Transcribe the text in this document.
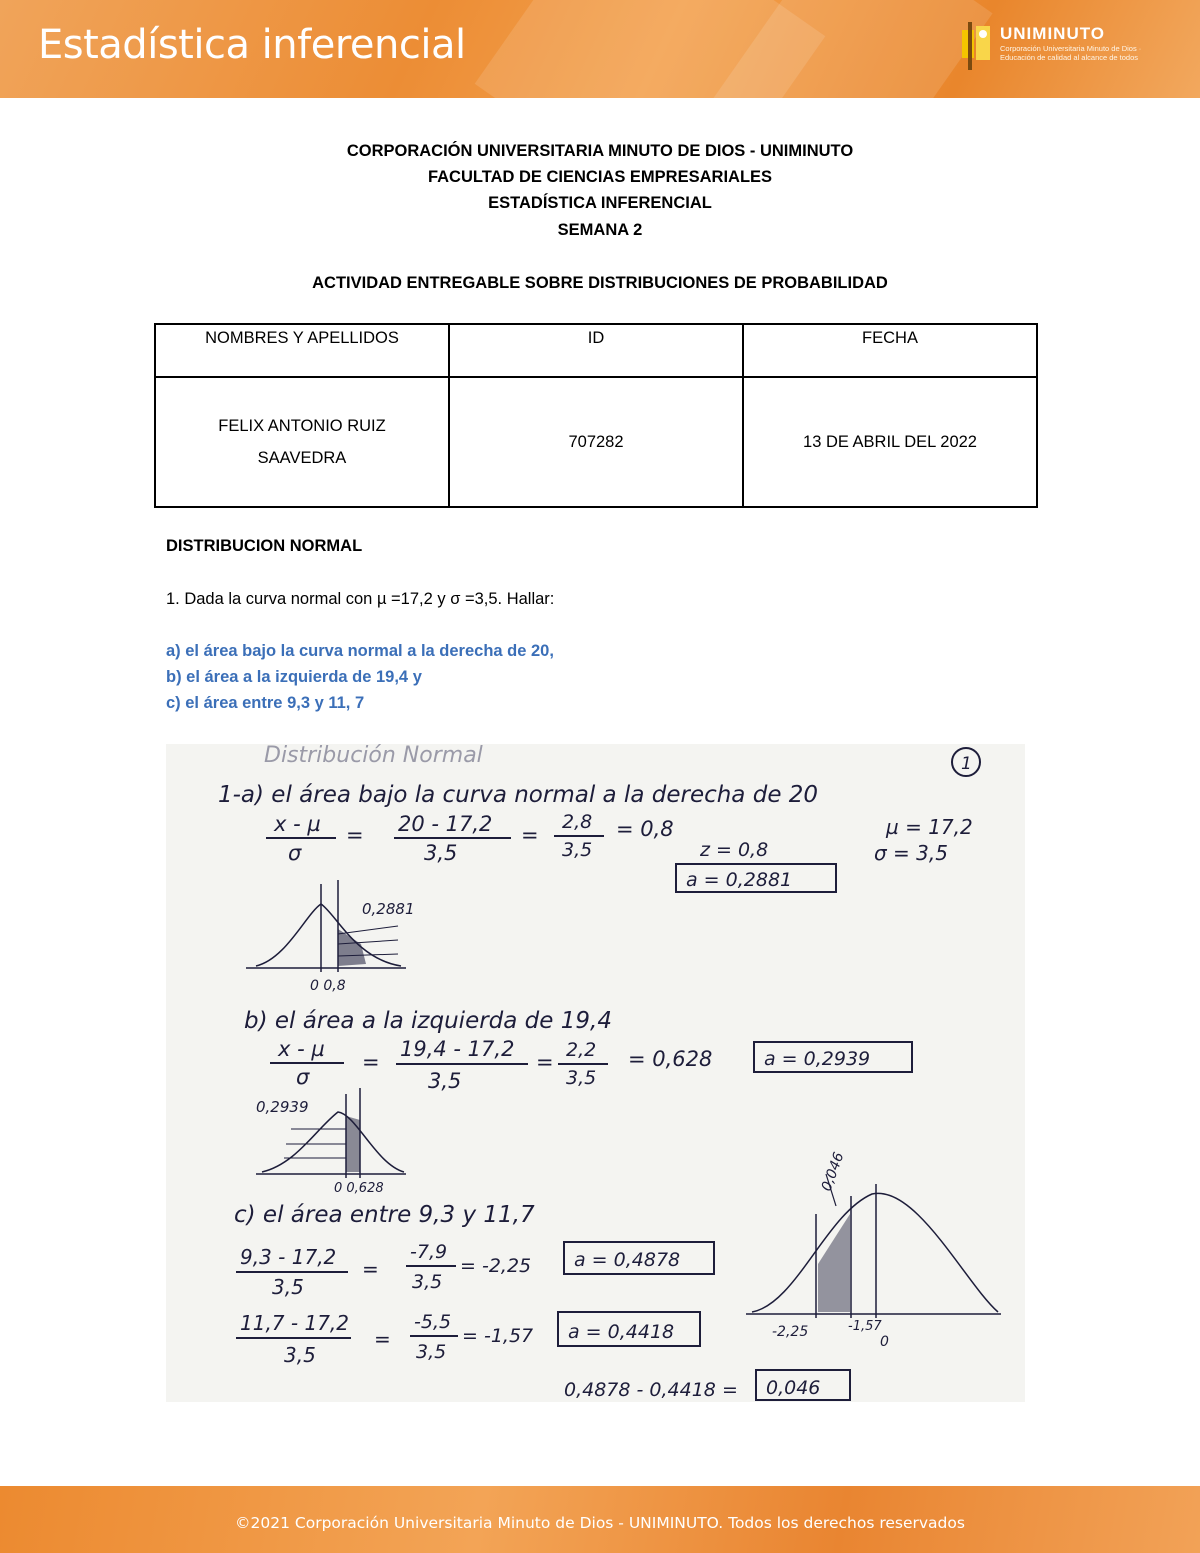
Estadística inferencial	UNIMINUTO
Corporación Universitaria Minuto de Dios · Educación de calidad al alcance de todos
CORPORACIÓN UNIVERSITARIA MINUTO DE DIOS - UNIMINUTO
FACULTAD DE CIENCIAS EMPRESARIALES
ESTADÍSTICA INFERENCIAL
SEMANA 2
ACTIVIDAD ENTREGABLE SOBRE DISTRIBUCIONES DE PROBABILIDAD
NOMBRES Y APELLIDOS	ID	FECHA

FELIX ANTONIO RUIZ
SAAVEDRA	707282	13 DE ABRIL DEL 2022
DISTRIBUCION NORMAL
1. Dada la curva normal con µ =17,2 y σ =3,5. Hallar:
a) el área bajo la curva normal a la derecha de 20,
b) el área a la izquierda de 19,4 y
c) el área entre 9,3 y 11, 7
Distribución Normal	1
1-a) el área bajo la curva normal a la derecha de 20
x - µ
σ
= 20 - 17,2
3,5
=
2,8
3,5
= 0,8	µ = 17,2
σ = 3,5
z = 0,8
a = 0,2881
0,2881
0 0,8
b) el área a la izquierda de 19,4
x - µ
σ
=
19,4 - 17,2
3,5
= 2,2
3,5
= 0,628	a = 0,2939
0,2939
0 0,628
c) el área entre 9,3 y 11,7
9,3 - 17,2
3,5
=
-7,9
3,5
= -2,25 a = 0,4878
11,7 - 17,2
3,5
=
-5,5
3,5
= -1,57 a = 0,4418
0,4878 - 0,4418 = 0,046
0,046
-2,25	-1,57
0
©2021 Corporación Universitaria Minuto de Dios - UNIMINUTO. Todos los derechos reservados
